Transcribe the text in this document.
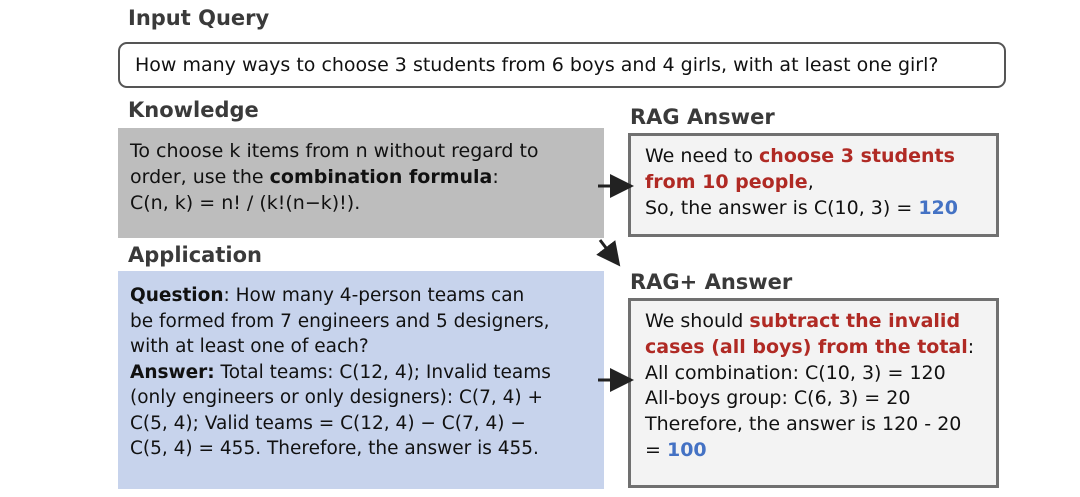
Input Query
How many ways to choose 3 students from 6 boys and 4 girls, with at least one girl?
Knowledge
To choose k items from n without regard to
order, use the combination formula:
C(n, k) = n! / (k!(n−k)!).
Application
Question: How many 4-person teams can
be formed from 7 engineers and 5 designers,
with at least one of each?
Answer: Total teams: C(12, 4); Invalid teams
(only engineers or only designers): C(7, 4) +
C(5, 4); Valid teams = C(12, 4) − C(7, 4) −
C(5, 4) = 455. Therefore, the answer is 455.
RAG Answer
We need to choose 3 students
from 10 people,
So, the answer is C(10, 3) = 120
RAG+ Answer
We should subtract the invalid
cases (all boys) from the total:
All combination: C(10, 3) = 120
All-boys group: C(6, 3) = 20
Therefore, the answer is 120 - 20
= 100
